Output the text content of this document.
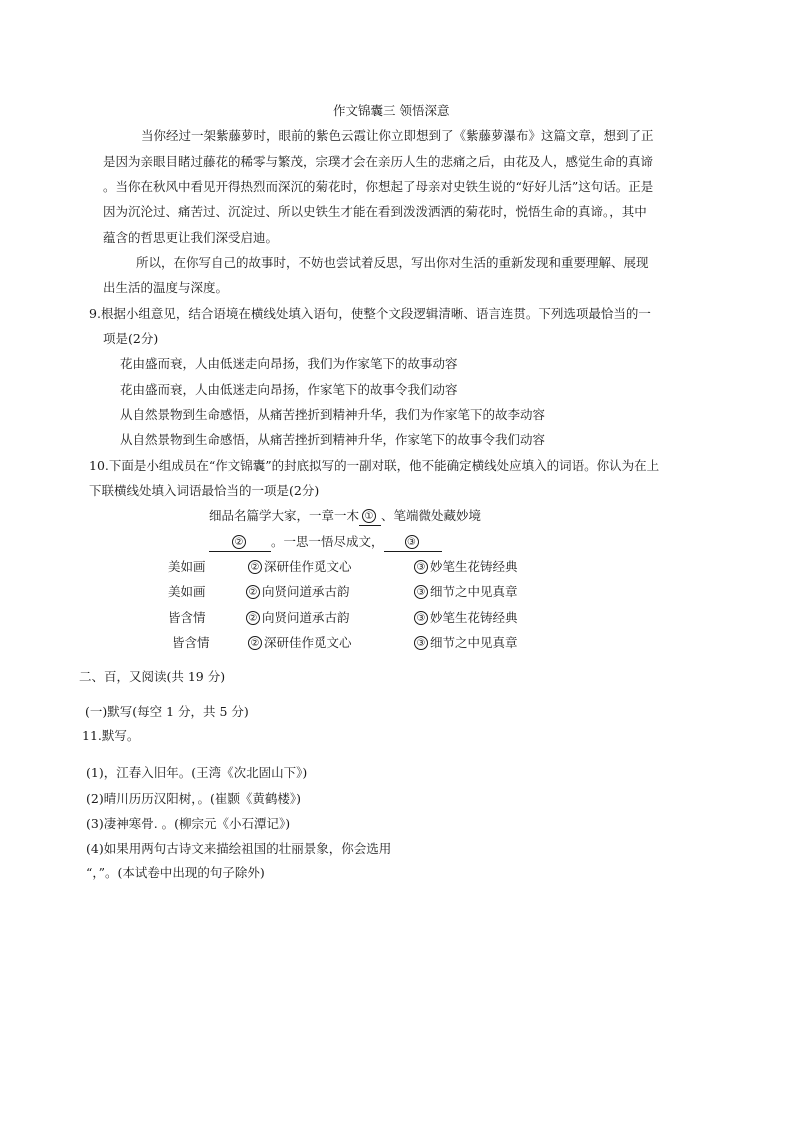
作文锦囊三 领悟深意
当你经过一架紫藤萝时，眼前的紫色云霞让你立即想到了《紫藤萝瀑布》这篇文章，想到了正
是因为亲眼目睹过藤花的稀零与繁茂，宗璞才会在亲历人生的悲痛之后，由花及人，感觉生命的真谛
。当你在秋风中看见开得热烈而深沉的菊花时，你想起了母亲对史铁生说的“好好儿活”这句话。正是
因为沉沦过、痛苦过、沉淀过、所以史铁生才能在看到泼泼洒洒的菊花时，悦悟生命的真谛。，其中
蕴含的哲思更让我们深受启迪。
所以，在你写自己的故事时，不妨也尝试着反思，写出你对生活的重新发现和重要理解、展现
出生活的温度与深度。
9.根据小组意见，结合语境在横线处填入语句，使整个文段逻辑清晰、语言连贯。下列选项最恰当的一
项是(2分)
花由盛而衰，人由低迷走向昂扬，我们为作家笔下的故事动容
花由盛而衰，人由低迷走向昂扬，作家笔下的故事令我们动容
从自然景物到生命感悟，从痛苦挫折到精神升华，我们为作家笔下的故李动容
从自然景物到生命感悟，从痛苦挫折到精神升华，作家笔下的故事令我们动容
10.下面是小组成员在“作文锦囊”的封底拟写的一副对联，他不能确定横线处应填入的词语。你认为在上
下联横线处填入词语最恰当的一项是(2分)
细品名篇学大家，一章一木 ① 、笔端微处藏妙境
② 。一思一悟尽成文， ③
美如画	② 深研佳作觅文心	③ 妙笔生花铸经典
美如画	② 向贤问道承古韵	③ 细节之中见真章
皆含情	② 向贤问道承古韵	③ 妙笔生花铸经典
皆含情	② 深研佳作觅文心	③ 细节之中见真章
二、百，又阅读(共 19 分)
(一)默写(每空 1 分，共 5 分)
11.默写。
(1)，江春入旧年。(王湾《次北固山下》)
(2)晴川历历汉阳树，。(崔颢《黄鹤楼》)
(3)凄神寒骨. 。(柳宗元《小石潭记》)
(4)如果用两句古诗文来描绘祖国的壮丽景象，你会选用
“，”。(本试卷中出现的句子除外)
